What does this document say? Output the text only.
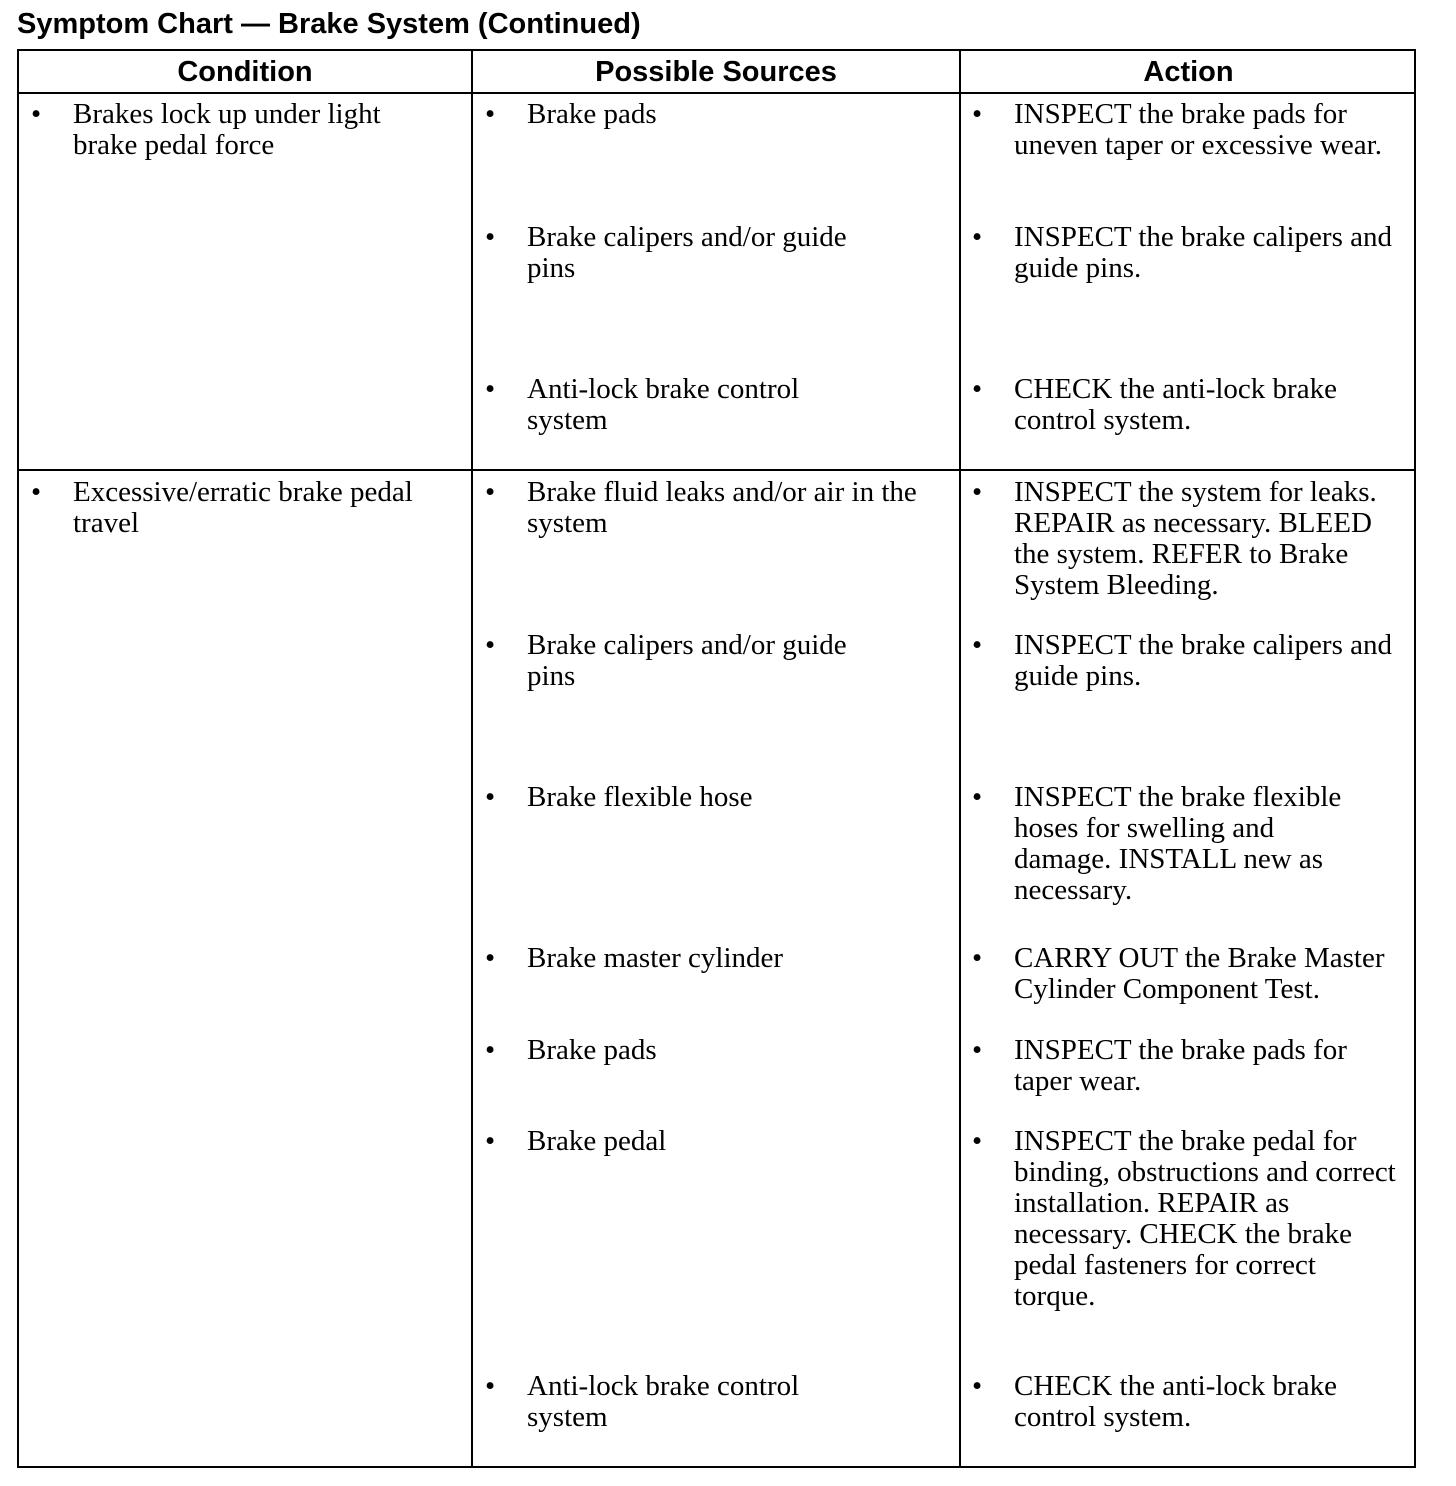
Symptom Chart — Brake System (Continued)
Condition	Possible Sources	Action
• Brakes lock up under light brake pedal force
• Brake pads
• Brake calipers and/or guide pins
• Anti-lock brake control system
• INSPECT the brake pads for uneven taper or excessive wear.
• INSPECT the brake calipers and guide pins.
• CHECK the anti-lock brake control system.
• Excessive/erratic brake pedal travel
• Brake fluid leaks and/or air in the system
• Brake calipers and/or guide pins
• Brake flexible hose
• Brake master cylinder
• Brake pads
• Brake pedal
• Anti-lock brake control system
• INSPECT the system for leaks. REPAIR as necessary. BLEED the system. REFER to Brake System Bleeding.
• INSPECT the brake calipers and guide pins.
• INSPECT the brake flexible hoses for swelling and damage. INSTALL new as necessary.
• CARRY OUT the Brake Master Cylinder Component Test.
• INSPECT the brake pads for taper wear.
• INSPECT the brake pedal for binding, obstructions and correct installation. REPAIR as necessary. CHECK the brake pedal fasteners for correct torque.
• CHECK the anti-lock brake control system.
